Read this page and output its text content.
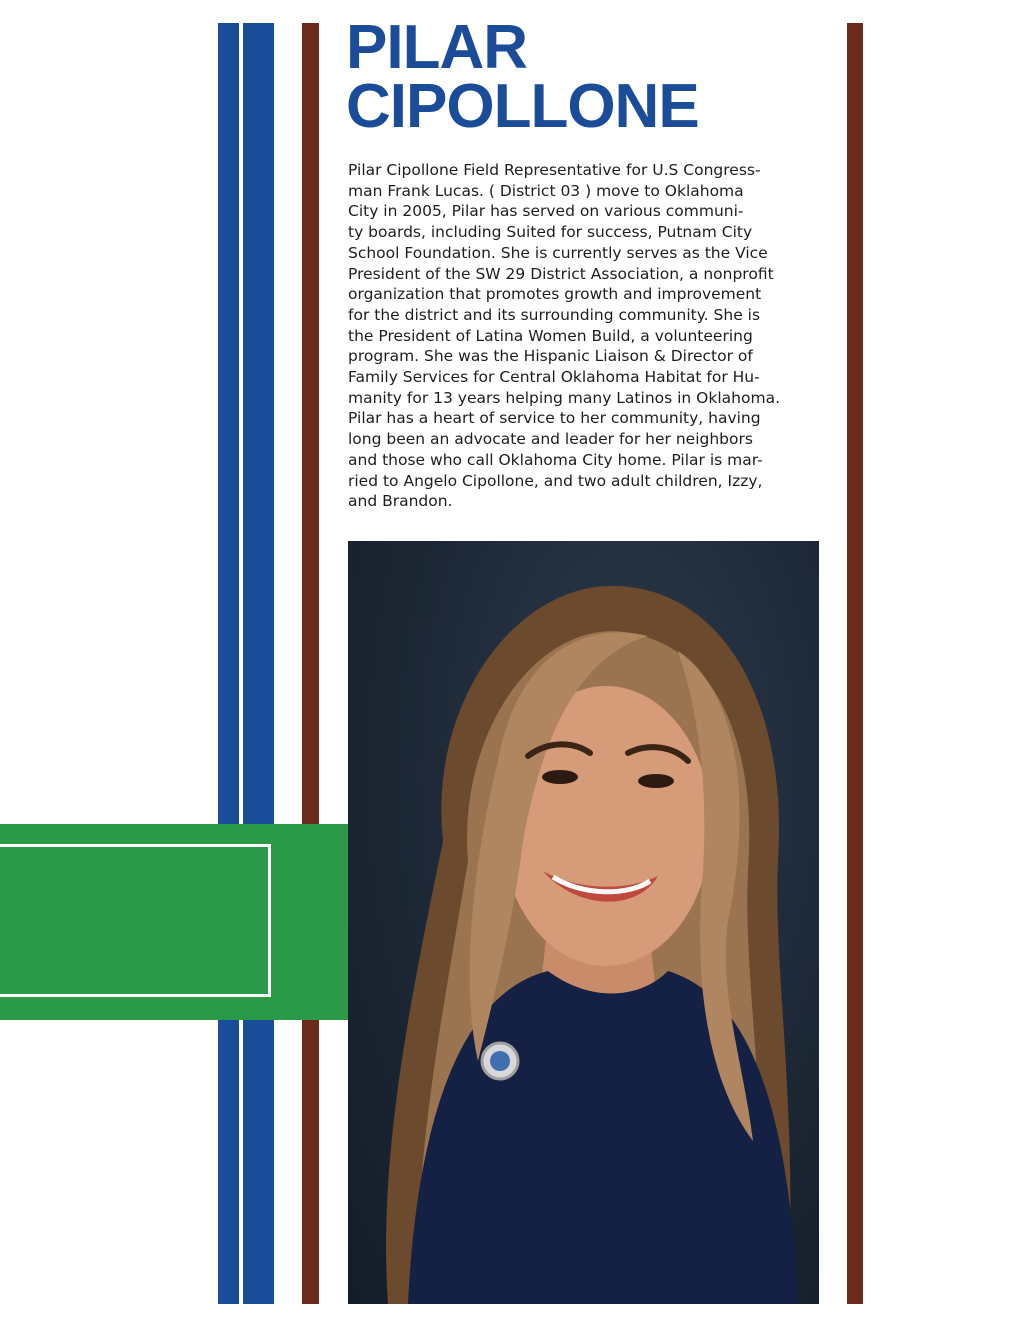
PILAR
CIPOLLONE

Pilar Cipollone Field Representative for U.S Congress-
man Frank Lucas. ( District 03 ) move to Oklahoma
City in 2005, Pilar has served on various communi-
ty boards, including Suited for success, Putnam City
School Foundation. She is currently serves as the Vice
President of the SW 29 District Association, a nonprofit
organization that promotes growth and improvement
for the district and its surrounding community. She is
the President of Latina Women Build, a volunteering
program. She was the Hispanic Liaison & Director of
Family Services for Central Oklahoma Habitat for Hu-
manity for 13 years helping many Latinos in Oklahoma.
Pilar has a heart of service to her community, having
long been an advocate and leader for her neighbors
and those who call Oklahoma City home. Pilar is mar-
ried to Angelo Cipollone, and two adult children, Izzy,
and Brandon.
